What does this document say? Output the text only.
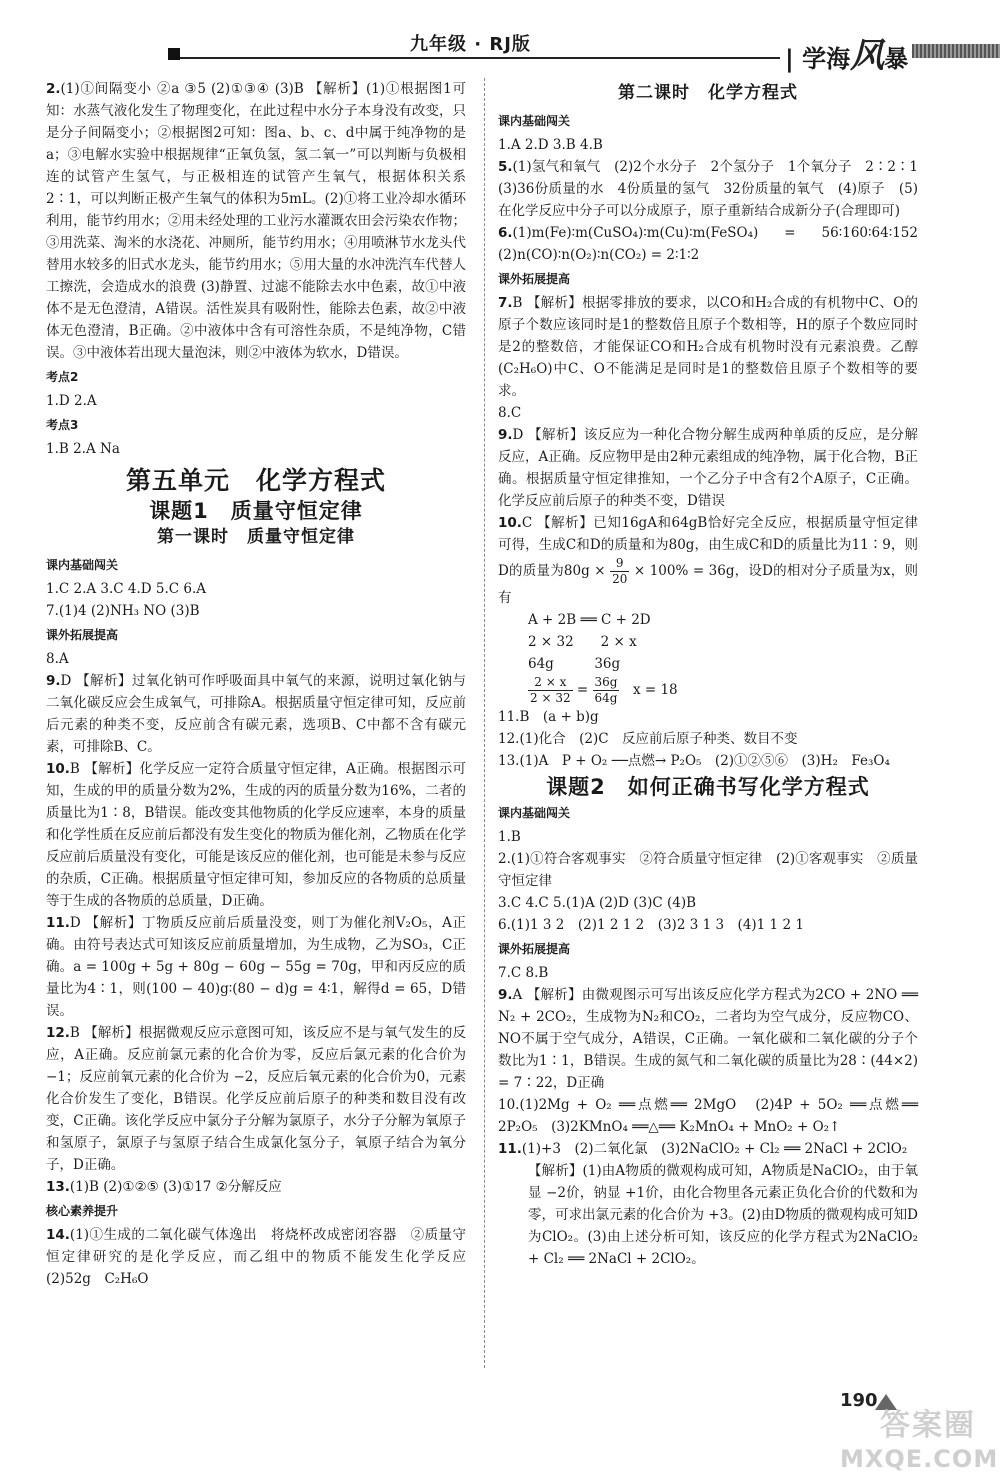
九年级 · RJ版
| 学海风暴

2.(1)①间隔变小 ②a ③5 (2)①③④ (3)B 【解析】(1)①根据图1可知：水蒸气液化发生了物理变化，在此过程中水分子本身没有改变，只是分子间隔变小；②根据图2可知：图a、b、c、d中属于纯净物的是a；③电解水实验中根据规律“正氧负氢，氢二氧一”可以判断与负极相连的试管产生氢气，与正极相连的试管产生氧气，根据体积关系2∶1，可以判断正极产生氧气的体积为5mL。(2)①将工业冷却水循环利用，能节约用水；②用未经处理的工业污水灌溉农田会污染农作物；③用洗菜、淘米的水浇花、冲厕所，能节约用水；④用喷淋节水龙头代替用水较多的旧式水龙头，能节约用水；⑤用大量的水冲洗汽车代替人工擦洗，会造成水的浪费 (3)静置、过滤不能除去水中色素，故①中液体不是无色澄清，A错误。活性炭具有吸附性，能除去色素，故②中液体无色澄清，B正确。②中液体中含有可溶性杂质，不是纯净物，C错误。③中液体若出现大量泡沫，则②中液体为软水，D错误。

考点2

1.D 2.A

考点3

1.B 2.A Na

第五单元　化学方程式
课题1　质量守恒定律
第一课时　质量守恒定律
课内基础闯关

1.C 2.A 3.C 4.D 5.C 6.A

7.(1)4 (2)NH₃ NO (3)B

课外拓展提高

8.A

9.D 【解析】过氧化钠可作呼吸面具中氧气的来源，说明过氧化钠与二氧化碳反应会生成氧气，可排除A。根据质量守恒定律可知，反应前后元素的种类不变，反应前含有碳元素，选项B、C中都不含有碳元素，可排除B、C。

10.B 【解析】化学反应一定符合质量守恒定律，A正确。根据图示可知，生成的甲的质量分数为2%，生成的丙的质量分数为16%，二者的质量比为1∶8，B错误。能改变其他物质的化学反应速率，本身的质量和化学性质在反应前后都没有发生变化的物质为催化剂，乙物质在化学反应前后质量没有变化，可能是该反应的催化剂，也可能是未参与反应的杂质，C正确。根据质量守恒定律可知，参加反应的各物质的总质量等于生成的各物质的总质量，D正确。

11.D 【解析】丁物质反应前后质量没变，则丁为催化剂V₂O₅，A正确。由符号表达式可知该反应前质量增加，为生成物，乙为SO₃，C正确。a = 100g + 5g + 80g − 60g − 55g = 70g，甲和丙反应的质量比为4∶1，则(100 − 40)g∶(80 − d)g = 4∶1，解得d = 65，D错误。

12.B 【解析】根据微观反应示意图可知，该反应不是与氧气发生的反应，A正确。反应前氯元素的化合价为零，反应后氯元素的化合价为 −1；反应前氧元素的化合价为 −2，反应后氧元素的化合价为0，元素化合价发生了变化，B错误。化学反应前后原子的种类和数目没有改变，C正确。该化学反应中氯分子分解为氯原子，水分子分解为氧原子和氢原子，氯原子与氢原子结合生成氯化氢分子，氧原子结合为氧分子，D正确。

13.(1)B (2)①②⑤ (3)①17 ②分解反应

核心素养提升

14.(1)①生成的二氧化碳气体逸出　将烧杯改成密闭容器　②质量守恒定律研究的是化学反应，而乙组中的物质不能发生化学反应　(2)52g　C₂H₆O

第二课时　化学方程式
课内基础闯关

1.A 2.D 3.B 4.B

5.(1)氢气和氧气　(2)2个水分子　2个氢分子　1个氧分子　2∶2∶1　(3)36份质量的水　4份质量的氢气　32份质量的氧气　(4)原子　(5)在化学反应中分子可以分成原子，原子重新结合成新分子(合理即可)

6.(1)m(Fe)∶m(CuSO₄)∶m(Cu)∶m(FeSO₄) = 56∶160∶64∶152　(2)n(CO)∶n(O₂)∶n(CO₂) = 2∶1∶2

课外拓展提高

7.B 【解析】根据零排放的要求，以CO和H₂合成的有机物中C、O的原子个数应该同时是1的整数倍且原子个数相等，H的原子个数应同时是2的整数倍，才能保证CO和H₂合成有机物时没有元素浪费。乙醇(C₂H₆O)中C、O不能满足是同时是1的整数倍且原子个数相等的要求。

8.C

9.D 【解析】该反应为一种化合物分解生成两种单质的反应，是分解反应，A正确。反应物甲是由2种元素组成的纯净物，属于化合物，B正确。根据质量守恒定律推知，一个乙分子中含有2个A原子，C正确。化学反应前后原子的种类不变，D错误

10.C 【解析】已知16gA和64gB恰好完全反应，根据质量守恒定律可得，生成C和D的质量和为80g，由生成C和D的质量比为11∶9，则D的质量为$80g \times \frac{9}{20} \times 100\% = 36g$，设D的相对分子质量为x，则有

A + 2B ══ C + 2D

2 × 32　　2 × x

64g　　　36g

$\frac{2 \times x}{2 \times 32} = \frac{36g}{64g}$
　 x = 18

11.B　(a + b)g

12.(1)化合　(2)C　反应前后原子种类、数目不变

13.(1)A　P + O₂ ──点燃→ P₂O₅　(2)①②⑤⑥　(3)H₂　Fe₃O₄

课题2　如何正确书写化学方程式
课内基础闯关

1.B

2.(1)①符合客观事实　②符合质量守恒定律　(2)①客观事实　②质量守恒定律

3.C 4.C 5.(1)A (2)D (3)C (4)B

6.(1)1 3 2　(2)1 2 1 2　(3)2 3 1 3　(4)1 1 2 1

课外拓展提高

7.C 8.B

9.A 【解析】由微观图示可写出该反应化学方程式为2CO + 2NO ══ N₂ + 2CO₂，生成物为N₂和CO₂，二者均为空气成分，反应物CO、NO不属于空气成分，A错误，C正确。一氧化碳和二氧化碳的分子个数比为1∶1，B错误。生成的氮气和二氧化碳的质量比为28∶(44×2) = 7∶22，D正确

10.(1)2Mg + O₂ ══点燃══ 2MgO　(2)4P + 5O₂ ══点燃══ 2P₂O₅　(3)2KMnO₄ ══△══ K₂MnO₄ + MnO₂ + O₂↑

11.(1)+3　(2)二氧化氯　(3)2NaClO₂ + Cl₂ ══ 2NaCl + 2ClO₂

【解析】(1)由A物质的微观构成可知，A物质是NaClO₂，由于氧显 −2价，钠显 +1价，由化合物里各元素正负化合价的代数和为零，可求出氯元素的化合价为 +3。(2)由D物质的微观构成可知D为ClO₂。(3)由上述分析可知，该反应的化学方程式为2NaClO₂ + Cl₂ ══ 2NaCl + 2ClO₂。

190
答案圈
MXQE.COM
